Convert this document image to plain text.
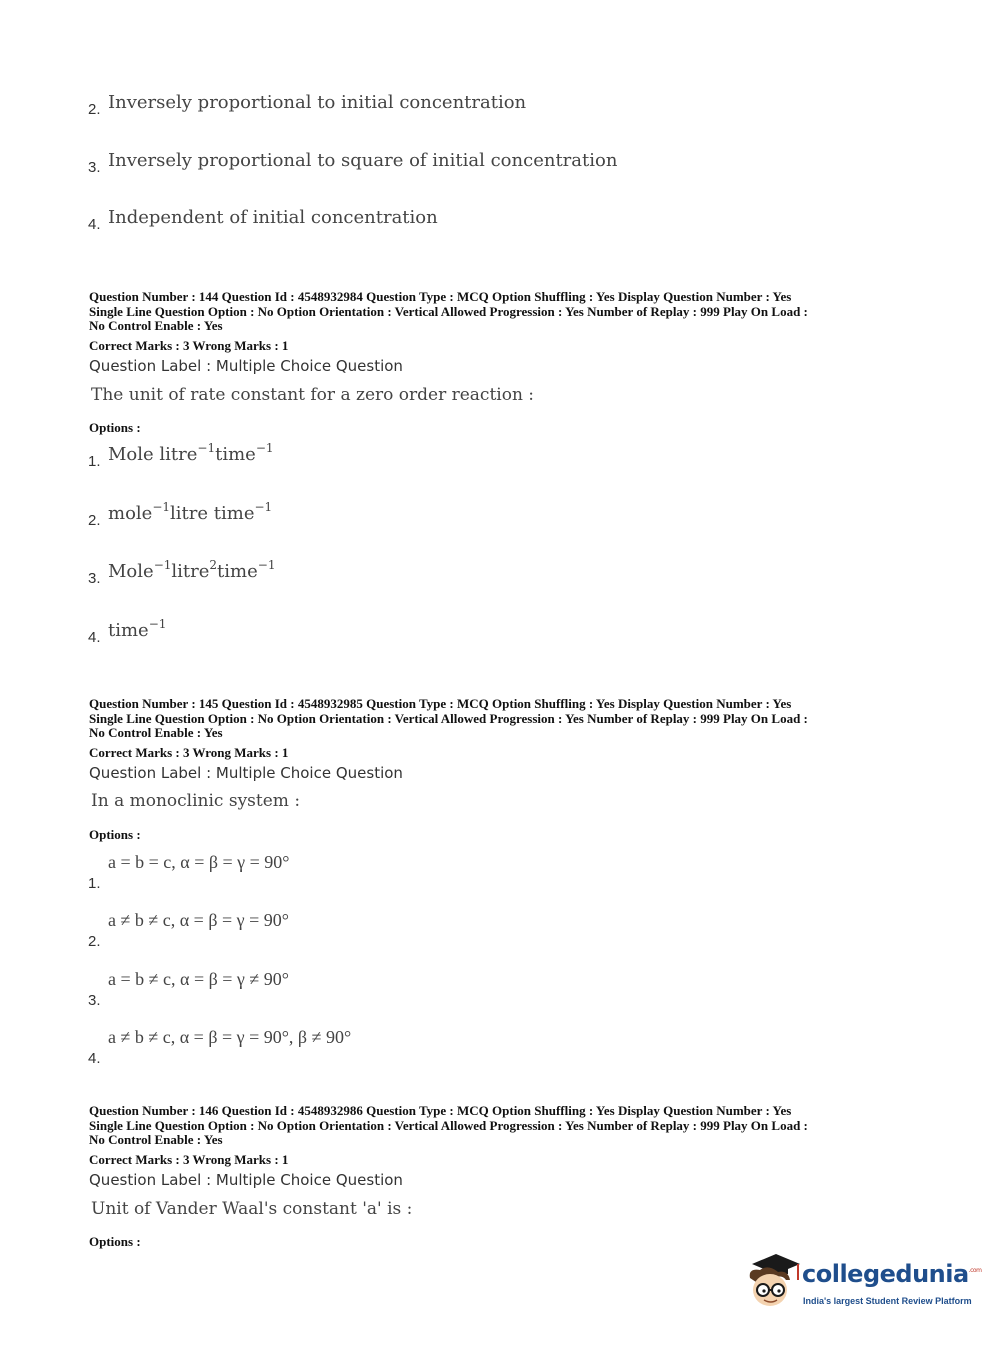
2. Inversely proportional to initial concentration
3. Inversely proportional to square of initial concentration
4. Independent of initial concentration
Question Number : 144 Question Id : 4548932984 Question Type : MCQ Option Shuffling : Yes Display Question Number : Yes
Single Line Question Option : No Option Orientation : Vertical Allowed Progression : Yes Number of Replay : 999 Play On Load :
No Control Enable : Yes
Correct Marks : 3 Wrong Marks : 1
Question Label : Multiple Choice Question
The unit of rate constant for a zero order reaction :
Options :
1. Mole litre$^{-1}$time$^{-1}$
2. mole$^{-1}$litre time$^{-1}$
3. Mole$^{-1}$litre$^2$time$^{-1}$
4. time$^{-1}$
Question Number : 145 Question Id : 4548932985 Question Type : MCQ Option Shuffling : Yes Display Question Number : Yes
Single Line Question Option : No Option Orientation : Vertical Allowed Progression : Yes Number of Replay : 999 Play On Load :
No Control Enable : Yes
Correct Marks : 3 Wrong Marks : 1
Question Label : Multiple Choice Question
In a monoclinic system :
Options :
1.a = b = c, α = β = γ = 90°
2.a ≠ b ≠ c, α = β = γ = 90°
3.a = b ≠ c, α = β = γ ≠ 90°
4.a ≠ b ≠ c, α = β = γ = 90°, β ≠ 90°
Question Number : 146 Question Id : 4548932986 Question Type : MCQ Option Shuffling : Yes Display Question Number : Yes
Single Line Question Option : No Option Orientation : Vertical Allowed Progression : Yes Number of Replay : 999 Play On Load :
No Control Enable : Yes
Correct Marks : 3 Wrong Marks : 1
Question Label : Multiple Choice Question
Unit of Vander Waal's constant 'a' is :
Options :
collegedunia$^{.com}$
India's largest Student Review Platform
